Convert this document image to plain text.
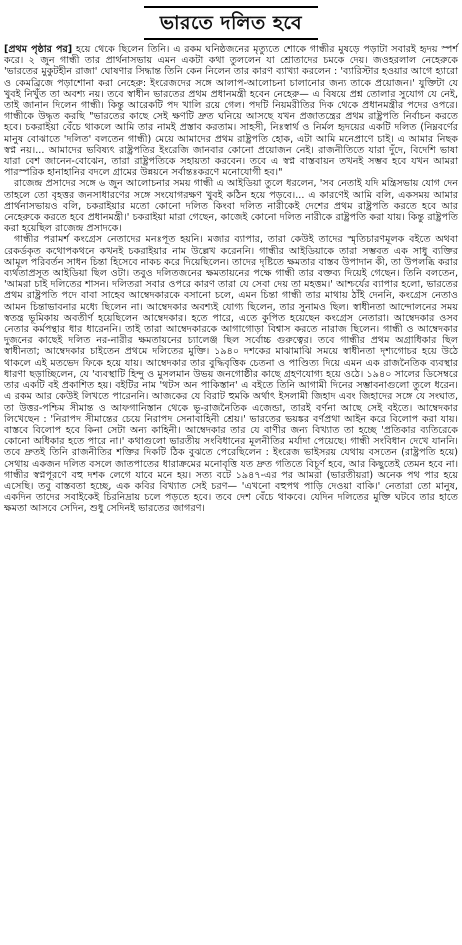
ভারতে দলিত হবে

[প্রথম পৃষ্ঠার পর] হয়ে থেকে ছিলেন তিনি। এ রকম ঘনিষ্ঠজনের মৃত্যুতে শোকে গান্ধীর মুষড়ে পড়াটা সবারই হৃদয় স্পর্শ করে। ২ জুন গান্ধী তার প্রার্থনাসভায় এমন একটা কথা তুললেন যা শ্রোতাদের চমকে দেয়। জওহরলাল নেহেরুকে 'ভারতের মুকুটহীন রাজা' ঘোষণার সিদ্ধান্ত তিনি কেন নিলেন তার কারণ ব্যাখ্যা করলেন : 'ব্যারিস্টার হওয়ার আগে হ্যারো ও কেমব্রিজে পড়াশোনা করা নেহেরু: ইংরেজদের সঙ্গে আলাপ-আলোচনা চালানোর জন্য তাকে প্রয়োজন।' যুক্তিটা যে খুবই নিখুঁত তা অবশ্য নয়। তবে স্বাধীন ভারতের প্রথম প্রধানমন্ত্রী হবেন নেহেরু— এ বিষয়ে প্রশ্ন তোলার সুযোগ যে নেই, তাই জানান দিলেন গান্ধী। কিন্তু আরেকটি পদ খালি রয়ে গেল। পদটি নিয়মরীতির দিক থেকে প্রধানমন্ত্রীর পদের ওপরে। গান্ধীকে উদ্ধৃত করছি "ভারতের কাছে সেই ক্ষণটি দ্রুত ঘনিয়ে আসছে যখন প্রজাতন্ত্রের প্রথম রাষ্ট্রপতি নির্বাচন করতে হবে। চকরাইয়া বেঁচে থাকলে আমি তার নামই প্রস্তাব করতাম। সাহসী, নিঃস্বার্থ ও নির্মল হৃদয়ের একটি দলিত (নিম্নবর্ণের মানুষ বোঝাতে 'দলিত' বলতেন গান্ধী) মেয়ে আমাদের প্রথম রাষ্ট্রপতি হোক, এটা আমি মনেপ্রাণে চাই। এ আমার নিছক স্বপ্ন নয়।... আমাদের ভবিষ্যৎ রাষ্ট্রপতির ইংরেজি জানবার কোনো প্রয়োজন নেই। রাজনীতিতে যারা দুঁদে, বিদেশি ভাষা যারা বেশ জানেন-বোঝেন, তারা রাষ্ট্রপতিকে সহায়তা করবেন। তবে এ স্বপ্ন বাস্তবায়ন তখনই সম্ভব হবে যখন আমরা পারস্পরিক হানাহানির বদলে গ্রামের উন্নয়নে সর্বান্তঃকরণে মনোযোগী হব।"

রাজেন্দ্র প্রসাদের সঙ্গে ৬ জুন আলোচনার সময় গান্ধী এ আইডিয়া তুলে ধরলেন, 'সব নেতাই যদি মন্ত্রিসভায় যোগ দেন তাহলে তো বৃহত্তর জনসাধারণের সঙ্গে সংযোগরক্ষণ খুবই কঠিন হয়ে পড়বে।... এ কারণেই আমি বলি, একসময় আমার প্রার্থনাসভায়ও বলি, চকরাইয়ার মতো কোনো দলিত কিংবা দলিত নারীকেই দেশের প্রথম রাষ্ট্রপতি করতে হবে আর নেহেরুকে করতে হবে প্রধানমন্ত্রী।' চকরাইয়া মারা গেছেন, কাজেই কোনো দলিত নারীকে রাষ্ট্রপতি করা যায়। কিন্তু রাষ্ট্রপতি করা হয়েছিল রাজেন্দ্র প্রসাদকে।

গান্ধীর পরামর্শ কংগ্রেস নেতাদের মনঃপূত হয়নি। মজার ব্যাপার, তারা কেউই তাদের স্মৃতিচারণমূলক বইতে অথবা রেকর্ডকৃত কথোপকথনে কখনই চকরাইয়ার নাম উল্লেখ করেননি। গান্ধীর আইডিয়াকে তারা সম্ভবত এক সাধু ব্যক্তির আমূল পরিবর্তন সাধন চিন্তা হিসেবে নাকচ করে দিয়েছিলেন। তাদের দৃষ্টিতে ক্ষমতার বাস্তব উপাদান কী, তা উপলব্ধি করার ব্যর্থতাপ্রসূত আইডিয়া ছিল ওটা। তবুও দলিতজনের ক্ষমতায়নের পক্ষে গান্ধী তার বক্তব্য দিয়েই গেছেন। তিনি বলতেন, 'আমরা চাই দলিতের শাসন। দলিতরা সবার ওপরে কারণ তারা যে সেবা দেয় তা মহত্তম।' আশ্চর্যের ব্যাপার হলো, ভারতের প্রথম রাষ্ট্রপতি পদে বাবা সাহেব আম্বেদকারকে বসানো চলে, এমন চিন্তা গান্ধী তার মাথায় ঠাঁই দেননি, কংগ্রেস নেতাও আমন চিন্তাভাবনার মধ্যে ছিলেন না। আম্বেদকার অবশ্যই যোগ্য ছিলেন, তার সুনামও ছিল। স্বাধীনতা আন্দোলনের সময় স্বতন্ত্র ভূমিকায় অবতীর্ণ হয়েছিলেন আম্বেদকার। হতে পারে, এতে কুপিত হয়েছেন কংগ্রেস নেতারা। আম্বেদকার ওসব নেতার কর্মপন্থার ধার ধারেননি। তাই তারা আম্বেদকারকে আগাগোড়া বিশ্বাস করতে নারাজ ছিলেন। গান্ধী ও আম্বেদকার দুজনের কাছেই দলিত নর-নারীর ক্ষমতায়নের চ্যালেঞ্জ ছিল সর্বোচ্চ গুরুত্বের। তবে গান্ধীর প্রথম অগ্রাধিকার ছিল স্বাধীনতা; আম্বেদকার চাইতেন প্রথমে দলিতের মুক্তি। ১৯৪০ দশকের মাঝামাঝি সময়ে স্বাধীনতা দৃশ্যগোচর হয়ে উঠে থাকলে এই মতভেদ ফিকে হয়ে যায়। আম্বেদকার তার বুদ্ধিবৃত্তিক চেতনা ও পাণ্ডিত্য দিয়ে এমন এক রাজনৈতিক ব্যবস্থার ধারণা ছড়াচ্ছিলেন, যে 'ব্যবস্থাটি হিন্দু ও মুসলমান উভয় জনগোষ্ঠীর কাছে গ্রহণযোগ্য হয়ে ওঠে। ১৯৪০ সালের ডিসেম্বরে তার একটি বই প্রকাশিত হয়। বইটির নাম 'থটস অন পাকিস্তান' এ বইতে তিনি আগামী দিনের সম্ভাবনাগুলো তুলে ধরেন। এ রকম আর কেউই লিখতে পারেননি। আজকের যে বিরাট হুমকি অর্থাৎ ইসলামী জিহাদ এবং জিহাদের সঙ্গে যে সংঘাত, তা উত্তর-পশ্চিম সীমান্ত ও আফগানিস্তান থেকে ভূ-রাজনৈতিক এজেন্ডা, তারই বর্ণনা আছে সেই বইতে। আম্বেদকার লিখেছেন : 'নিরাপদ সীমান্তের চেয়ে নিরাপদ সেনাবাহিনী শ্রেয়।' ভারতের ভয়ঙ্কর বর্ণপ্রথা আইন করে বিলোপ করা যায়। বাস্তবে বিলোপ হবে কিনা সেটা অন্য কাহিনী। আম্বেদকার তার যে বাণীর জন্য বিখ্যাত তা হচ্ছে 'প্রতিকার ব্যতিরেকে কোনো অধিকার হতে পারে না।' কথাগুলো ভারতীয় সংবিধানের মূলনীতির মর্যাদা পেয়েছে। গান্ধী সংবিধান দেখে যাননি। তবে দ্রুতই তিনি রাজনীতির শক্তির দিকটি ঠিক বুঝতে পেরেছিলেন : ইংরেজ ভাইসরয় যেথায় বসতেন (রাষ্ট্রপতি হয়ে) সেথায় একজন দলিত বসলে জাতপাতের ধারাক্রমের মনোবৃত্তি যত দ্রুত গতিতে বিচূর্ণ হবে, আর কিছুতেই তেমন হবে না। গান্ধীর স্বপ্নপূরণে বহু দশক লেগে যাবে মনে হয়। সত্য বটে ১৯৪৭-এর পর আমরা (ভারতীয়রা) অনেক পথ পার হয়ে এসেছি। তবু বাস্তবতা হচ্ছে, এক কবির বিখ্যাত সেই চরণ— 'এখনো বহুপথ পাড়ি দেওয়া বাকি।' নেতারা তো মানুষ, একদিন তাদের সবাইকেই চিরনিদ্রায় চলে পড়তে হবে। তবে দেশ বেঁচে থাকবে। যেদিন দলিতের মুক্তি ঘটবে তার হাতে ক্ষমতা আসবে সেদিন, শুধু সেদিনই ভারতের জাগরণ।
